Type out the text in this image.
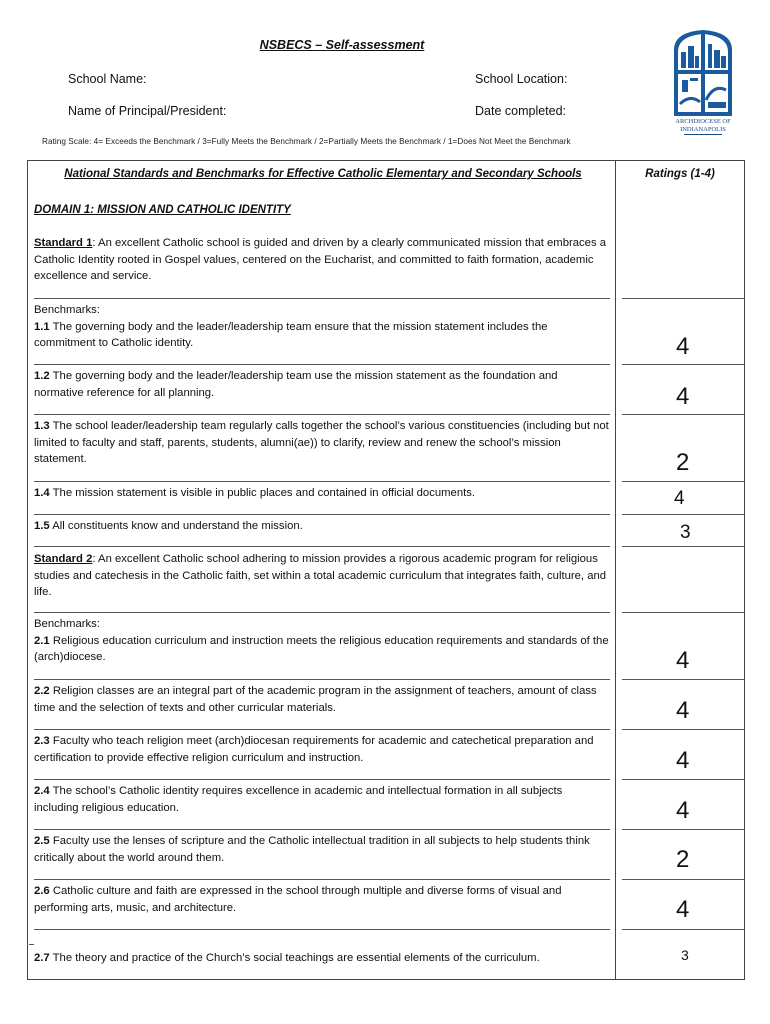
NSBECS – Self-assessment
School Name:	School Location:
Name of Principal/President:	Date completed:
Rating Scale: 4= Exceeds the Benchmark / 3=Fully Meets the Benchmark / 2=Partially Meets the Benchmark / 1=Does Not Meet the Benchmark
ARCHDIOCESE OF
INDIANAPOLIS
National Standards and Benchmarks for Effective Catholic Elementary and Secondary Schools	Ratings (1-4)
DOMAIN 1: MISSION AND CATHOLIC IDENTITY
Standard 1: An excellent Catholic school is guided and driven by a clearly communicated mission that embraces a Catholic Identity rooted in Gospel values, centered on the Eucharist, and committed to faith formation, academic excellence and service.
Benchmarks:
1.1 The governing body and the leader/leadership team ensure that the mission statement includes the commitment to Catholic identity.	4
1.2 The governing body and the leader/leadership team use the mission statement as the foundation and normative reference for all planning.	4
1.3 The school leader/leadership team regularly calls together the school’s various constituencies (including but not limited to faculty and staff, parents, students, alumni(ae)) to clarify, review and renew the school’s mission statement.	2
1.4 The mission statement is visible in public places and contained in official documents.	4
1.5 All constituents know and understand the mission.	3
Standard 2: An excellent Catholic school adhering to mission provides a rigorous academic program for religious studies and catechesis in the Catholic faith, set within a total academic curriculum that integrates faith, culture, and life.
Benchmarks:
2.1 Religious education curriculum and instruction meets the religious education requirements and standards of the (arch)diocese.	4
2.2 Religion classes are an integral part of the academic program in the assignment of teachers, amount of class time and the selection of texts and other curricular materials.	4
2.3 Faculty who teach religion meet (arch)diocesan requirements for academic and catechetical preparation and certification to provide effective religion curriculum and instruction.	4
2.4 The school’s Catholic identity requires excellence in academic and intellectual formation in all subjects including religious education.	4
2.5 Faculty use the lenses of scripture and the Catholic intellectual tradition in all subjects to help students think critically about the world around them.	2
2.6 Catholic culture and faith are expressed in the school through multiple and diverse forms of visual and performing arts, music, and architecture.	4
2.7 The theory and practice of the Church’s social teachings are essential elements of the curriculum.	3
